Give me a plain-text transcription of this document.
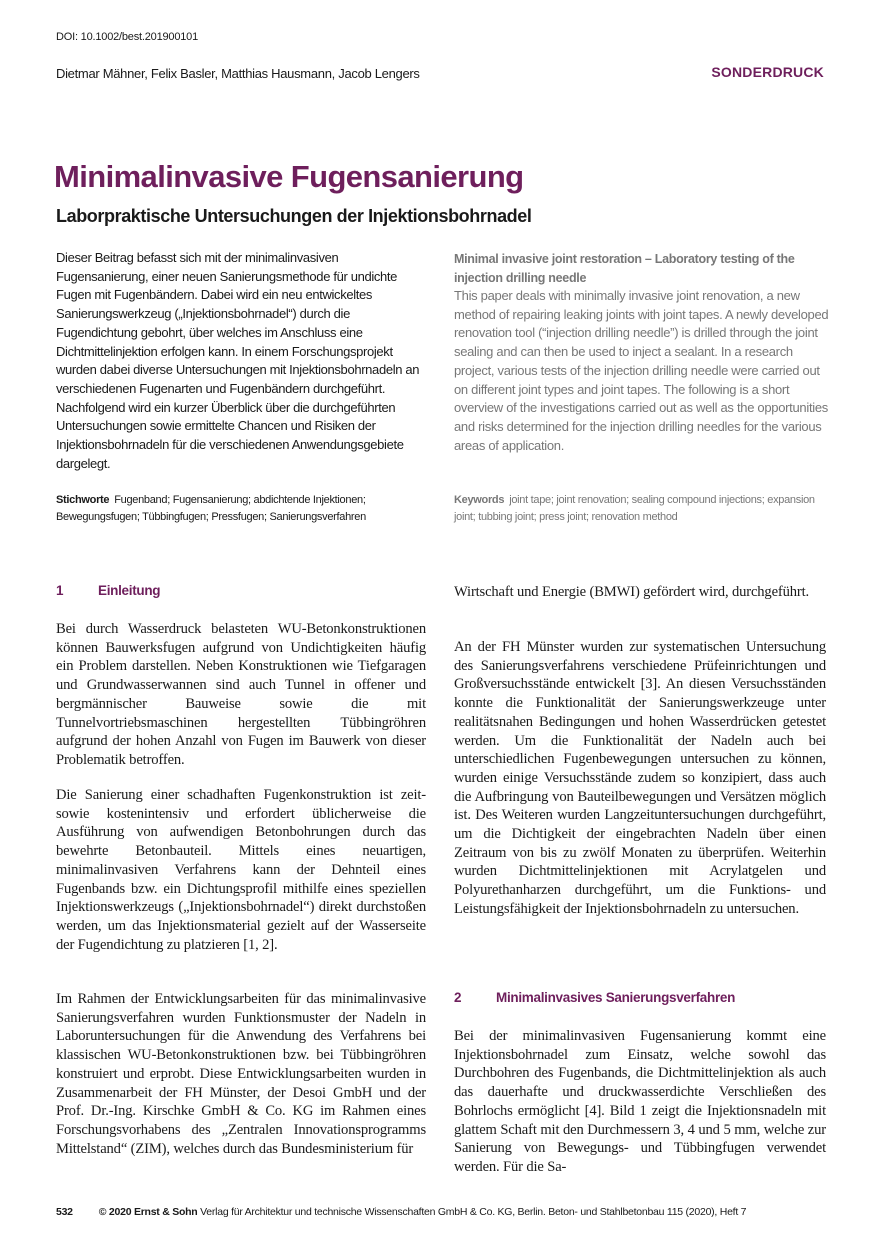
DOI: 10.1002/best.201900101
Dietmar Mähner, Felix Basler, Matthias Hausmann, Jacob Lengers	SONDERDRUCK
Minimalinvasive Fugensanierung
Laborpraktische Untersuchungen der Injektionsbohrnadel
Dieser Beitrag befasst sich mit der minimalinvasiven Fugensanierung, einer neuen Sanierungsmethode für undichte Fugen mit Fugenbändern. Dabei wird ein neu entwickeltes Sanierungswerkzeug („Injektionsbohrnadel“) durch die Fugendichtung gebohrt, über welches im Anschluss eine Dichtmittelinjektion erfolgen kann. In einem Forschungsprojekt wurden dabei diverse Untersuchungen mit Injektionsbohrnadeln an verschiedenen Fugenarten und Fugenbändern durchgeführt. Nachfolgend wird ein kurzer Überblick über die durchgeführten Untersuchungen sowie ermittelte Chancen und Risiken der Injektionsbohrnadeln für die verschiedenen Anwendungsgebiete dargelegt.
Minimal invasive joint restoration – Laboratory testing of the injection drilling needle
This paper deals with minimally invasive joint renovation, a new method of repairing leaking joints with joint tapes. A newly developed renovation tool (“injection drilling needle”) is drilled through the joint sealing and can then be used to inject a sealant. In a research project, various tests of the injection drilling needle were carried out on different joint types and joint tapes. The following is a short overview of the investigations carried out as well as the opportunities and risks determined for the injection drilling needles for the various areas of application.
Stichworte Fugenband; Fugensanierung; abdichtende Injektionen; Bewegungsfugen; Tübbingfugen; Pressfugen; Sanierungsverfahren
Keywords joint tape; joint renovation; sealing compound injections; expansion joint; tubbing joint; press joint; renovation method
1	Einleitung

Bei durch Wasserdruck belasteten WU-Betonkonstruktionen können Bauwerksfugen aufgrund von Undichtigkeiten häufig ein Problem darstellen. Neben Konstruktionen wie Tiefgaragen und Grundwasserwannen sind auch Tunnel in offener und bergmännischer Bauweise sowie die mit Tunnelvortriebsmaschinen hergestellten Tübbingröhren aufgrund der hohen Anzahl von Fugen im Bauwerk von dieser Problematik betroffen.

Die Sanierung einer schadhaften Fugenkonstruktion ist zeit- sowie kostenintensiv und erfordert üblicherweise die Ausführung von aufwendigen Betonbohrungen durch das bewehrte Betonbauteil. Mittels eines neuartigen, minimalinvasiven Verfahrens kann der Dehnteil eines Fugenbands bzw. ein Dichtungsprofil mithilfe eines speziellen Injektionswerkzeugs („Injektionsbohrnadel“) direkt durchstoßen werden, um das Injektionsmaterial gezielt auf der Wasserseite der Fugendichtung zu platzieren [1, 2].

Im Rahmen der Entwicklungsarbeiten für das minimalinvasive Sanierungsverfahren wurden Funktionsmuster der Nadeln in Laboruntersuchungen für die Anwendung des Verfahrens bei klassischen WU-Betonkonstruktionen bzw. bei Tübbingröhren konstruiert und erprobt. Diese Entwicklungsarbeiten wurden in Zusammenarbeit der FH Münster, der Desoi GmbH und der Prof. Dr.-Ing. Kirschke GmbH & Co. KG im Rahmen eines Forschungsvorhabens des „Zentralen Innovationsprogramms Mittelstand“ (ZIM), welches durch das Bundesministerium für

Wirtschaft und Energie (BMWI) gefördert wird, durchgeführt.

An der FH Münster wurden zur systematischen Untersuchung des Sanierungsverfahrens verschiedene Prüfeinrichtungen und Großversuchsstände entwickelt [3]. An diesen Versuchsständen konnte die Funktionalität der Sanierungswerkzeuge unter realitätsnahen Bedingungen und hohen Wasserdrücken getestet werden. Um die Funktionalität der Nadeln auch bei unterschiedlichen Fugenbewegungen untersuchen zu können, wurden einige Versuchsstände zudem so konzipiert, dass auch die Aufbringung von Bauteilbewegungen und Versätzen möglich ist. Des Weiteren wurden Langzeituntersuchungen durchgeführt, um die Dichtigkeit der eingebrachten Nadeln über einen Zeitraum von bis zu zwölf Monaten zu überprüfen. Weiterhin wurden Dichtmittelinjektionen mit Acrylatgelen und Polyurethanharzen durchgeführt, um die Funktions- und Leistungsfähigkeit der Injektionsbohrnadeln zu untersuchen.

2	Minimalinvasives Sanierungsverfahren

Bei der minimalinvasiven Fugensanierung kommt eine Injektionsbohrnadel zum Einsatz, welche sowohl das Durchbohren des Fugenbands, die Dichtmittelinjektion als auch das dauerhafte und druckwasserdichte Verschließen des Bohrlochs ermöglicht [4]. Bild 1 zeigt die Injektionsnadeln mit glattem Schaft mit den Durchmessern 3, 4 und 5 mm, welche zur Sanierung von Bewegungs- und Tübbingfugen verwendet werden. Für die Sa-

532 © 2020 Ernst & Sohn Verlag für Architektur und technische Wissenschaften GmbH & Co. KG, Berlin. Beton- und Stahlbetonbau 115 (2020), Heft 7
